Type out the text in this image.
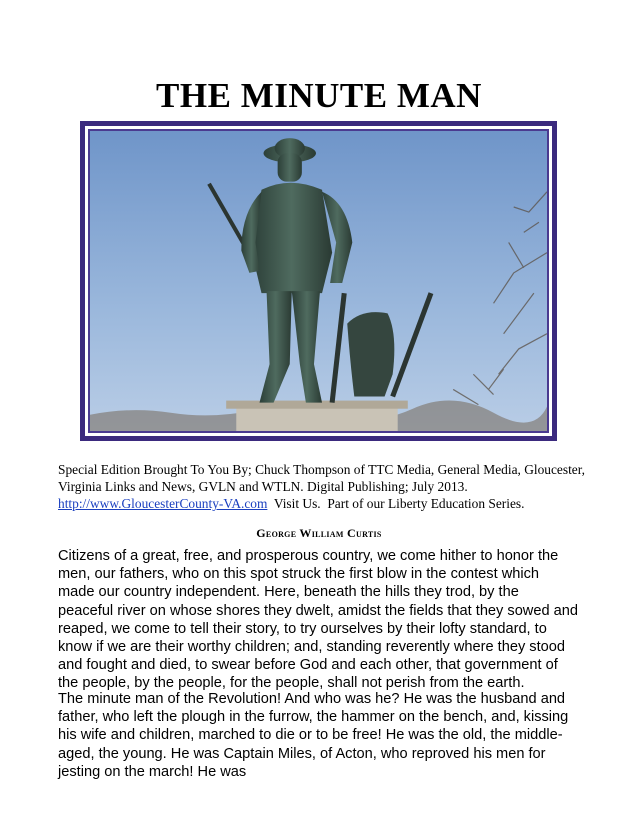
THE MINUTE MAN
Special Edition Brought To You By; Chuck Thompson of TTC Media, General Media, Gloucester, Virginia Links and News, GVLN and WTLN. Digital Publishing; July 2013.
http://www.GloucesterCounty-VA.com  Visit Us.  Part of our Liberty Education Series.
George William Curtis
Citizens of a great, free, and prosperous country, we come hither to honor the men, our fathers, who on this spot struck the first blow in the contest which made our country independent. Here, beneath the hills they trod, by the peaceful river on whose shores they dwelt, amidst the fields that they sowed and reaped, we come to tell their story, to try ourselves by their lofty standard, to know if we are their worthy children; and, standing reverently where they stood and fought and died, to swear before God and each other, that government of the people, by the people, for the people, shall not perish from the earth.
The minute man of the Revolution! And who was he? He was the husband and father, who left the plough in the furrow, the hammer on the bench, and, kissing his wife and children, marched to die or to be free! He was the old, the middle-aged, the young. He was Captain Miles, of Acton, who reproved his men for jesting on the march! He was
